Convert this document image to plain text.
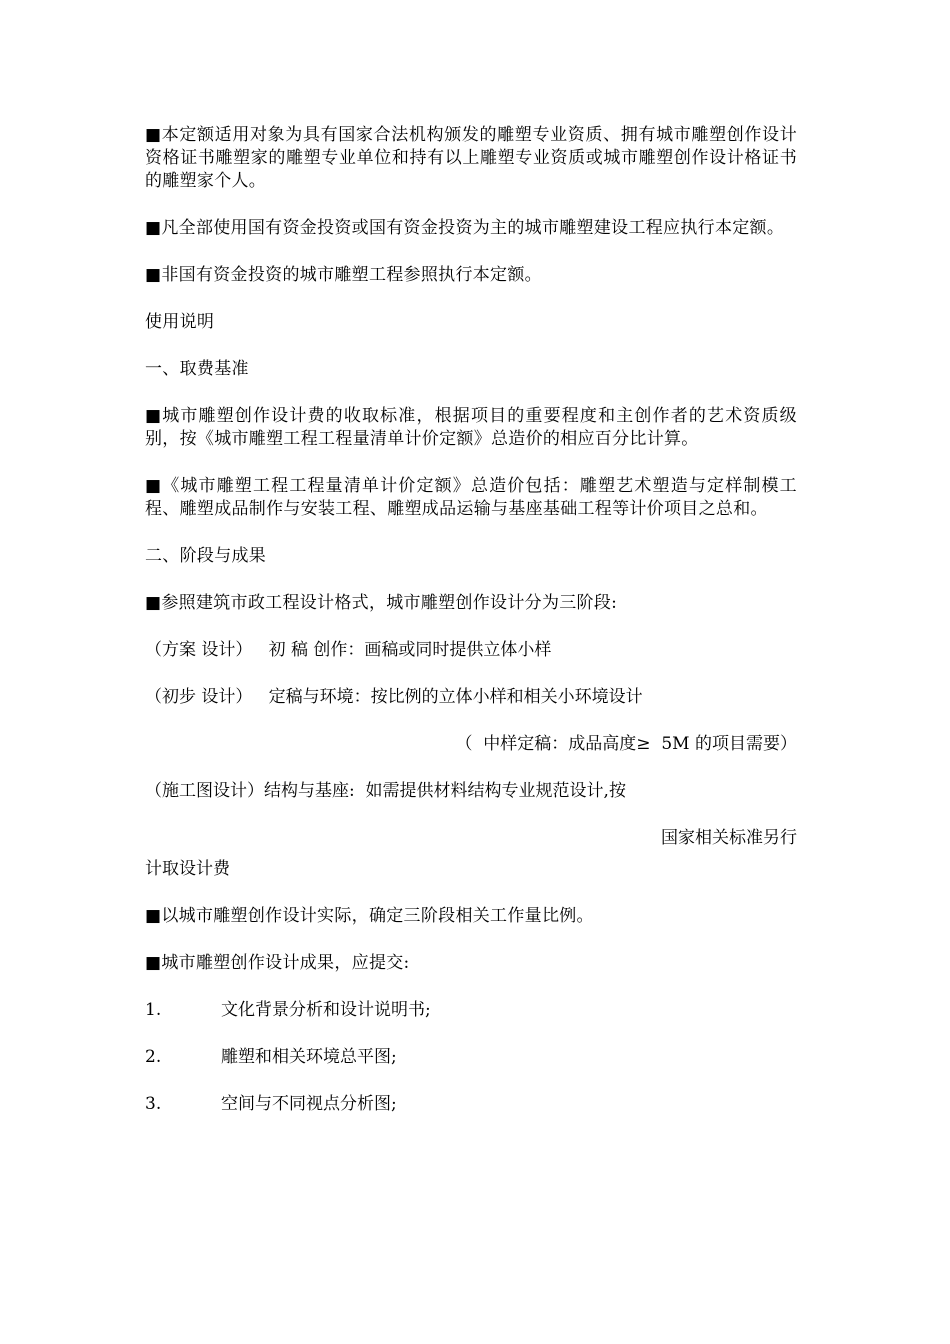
■本定额适用对象为具有国家合法机构颁发的雕塑专业资质、拥有城市雕塑创作设计资格证书雕塑家的雕塑专业单位和持有以上雕塑专业资质或城市雕塑创作设计格证书的雕塑家个人。

■凡全部使用国有资金投资或国有资金投资为主的城市雕塑建设工程应执行本定额。

■非国有资金投资的城市雕塑工程参照执行本定额。

使用说明

一、取费基准

■城市雕塑创作设计费的收取标准，根据项目的重要程度和主创作者的艺术资质级别，按《城市雕塑工程工程量清单计价定额》总造价的相应百分比计算。

■《城市雕塑工程工程量清单计价定额》总造价包括：雕塑艺术塑造与定样制模工程、雕塑成品制作与安装工程、雕塑成品运输与基座基础工程等计价项目之总和。

二、阶段与成果

■参照建筑市政工程设计格式，城市雕塑创作设计分为三阶段:

（方案 设计）   初 稿 创作：画稿或同时提供立体小样

（初步 设计）   定稿与环境：按比例的立体小样和相关小环境设计

（  中样定稿：成品高度≥  5M 的项目需要）

（施工图设计）结构与基座:  如需提供材料结构专业规范设计,按

国家相关标准另行

计取设计费

■以城市雕塑创作设计实际，确定三阶段相关工作量比例。

■城市雕塑创作设计成果，应提交:

1.	文化背景分析和设计说明书;
2.	雕塑和相关环境总平图;
3.	空间与不同视点分析图;
